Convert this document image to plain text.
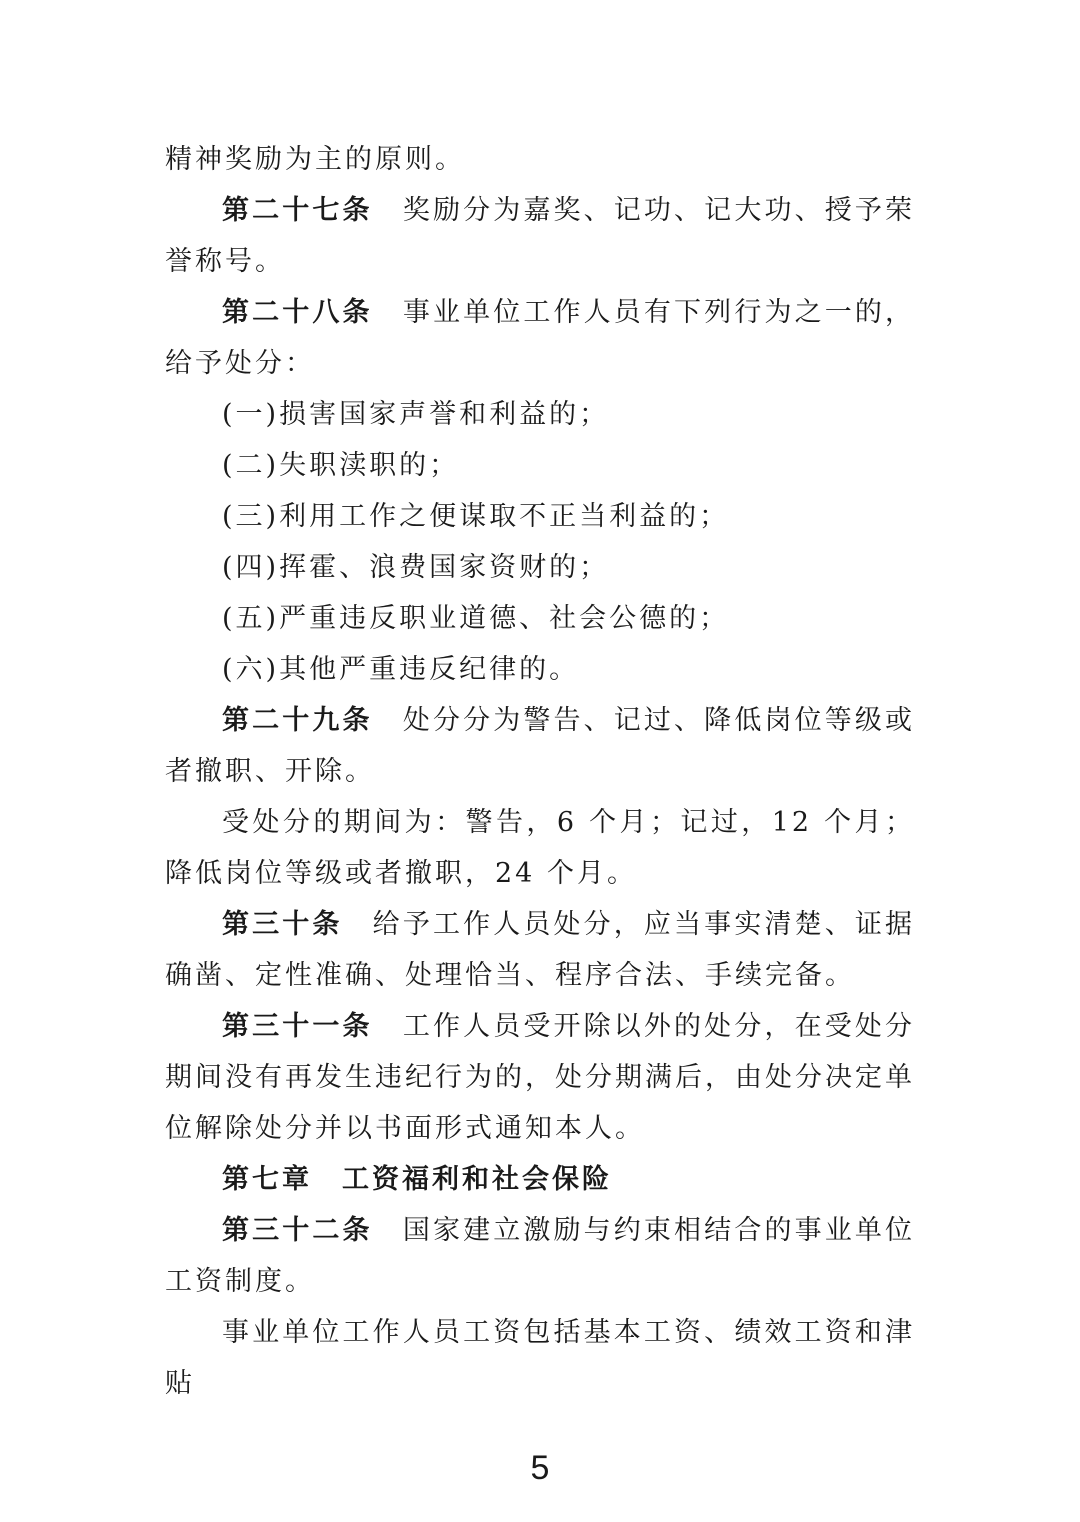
精神奖励为主的原则。

第二十七条 奖励分为嘉奖、记功、记大功、授予荣誉称号。

第二十八条 事业单位工作人员有下列行为之一的，给予处分：

(一)损害国家声誉和利益的；

(二)失职渎职的；

(三)利用工作之便谋取不正当利益的；

(四)挥霍、浪费国家资财的；

(五)严重违反职业道德、社会公德的；

(六)其他严重违反纪律的。

第二十九条 处分分为警告、记过、降低岗位等级或者撤职、开除。

受处分的期间为：警告，6 个月；记过，12 个月；降低岗位等级或者撤职，24 个月。

第三十条 给予工作人员处分，应当事实清楚、证据确凿、定性准确、处理恰当、程序合法、手续完备。

第三十一条 工作人员受开除以外的处分，在受处分期间没有再发生违纪行为的，处分期满后，由处分决定单位解除处分并以书面形式通知本人。

第七章 工资福利和社会保险

第三十二条 国家建立激励与约束相结合的事业单位工资制度。

事业单位工作人员工资包括基本工资、绩效工资和津贴

5
